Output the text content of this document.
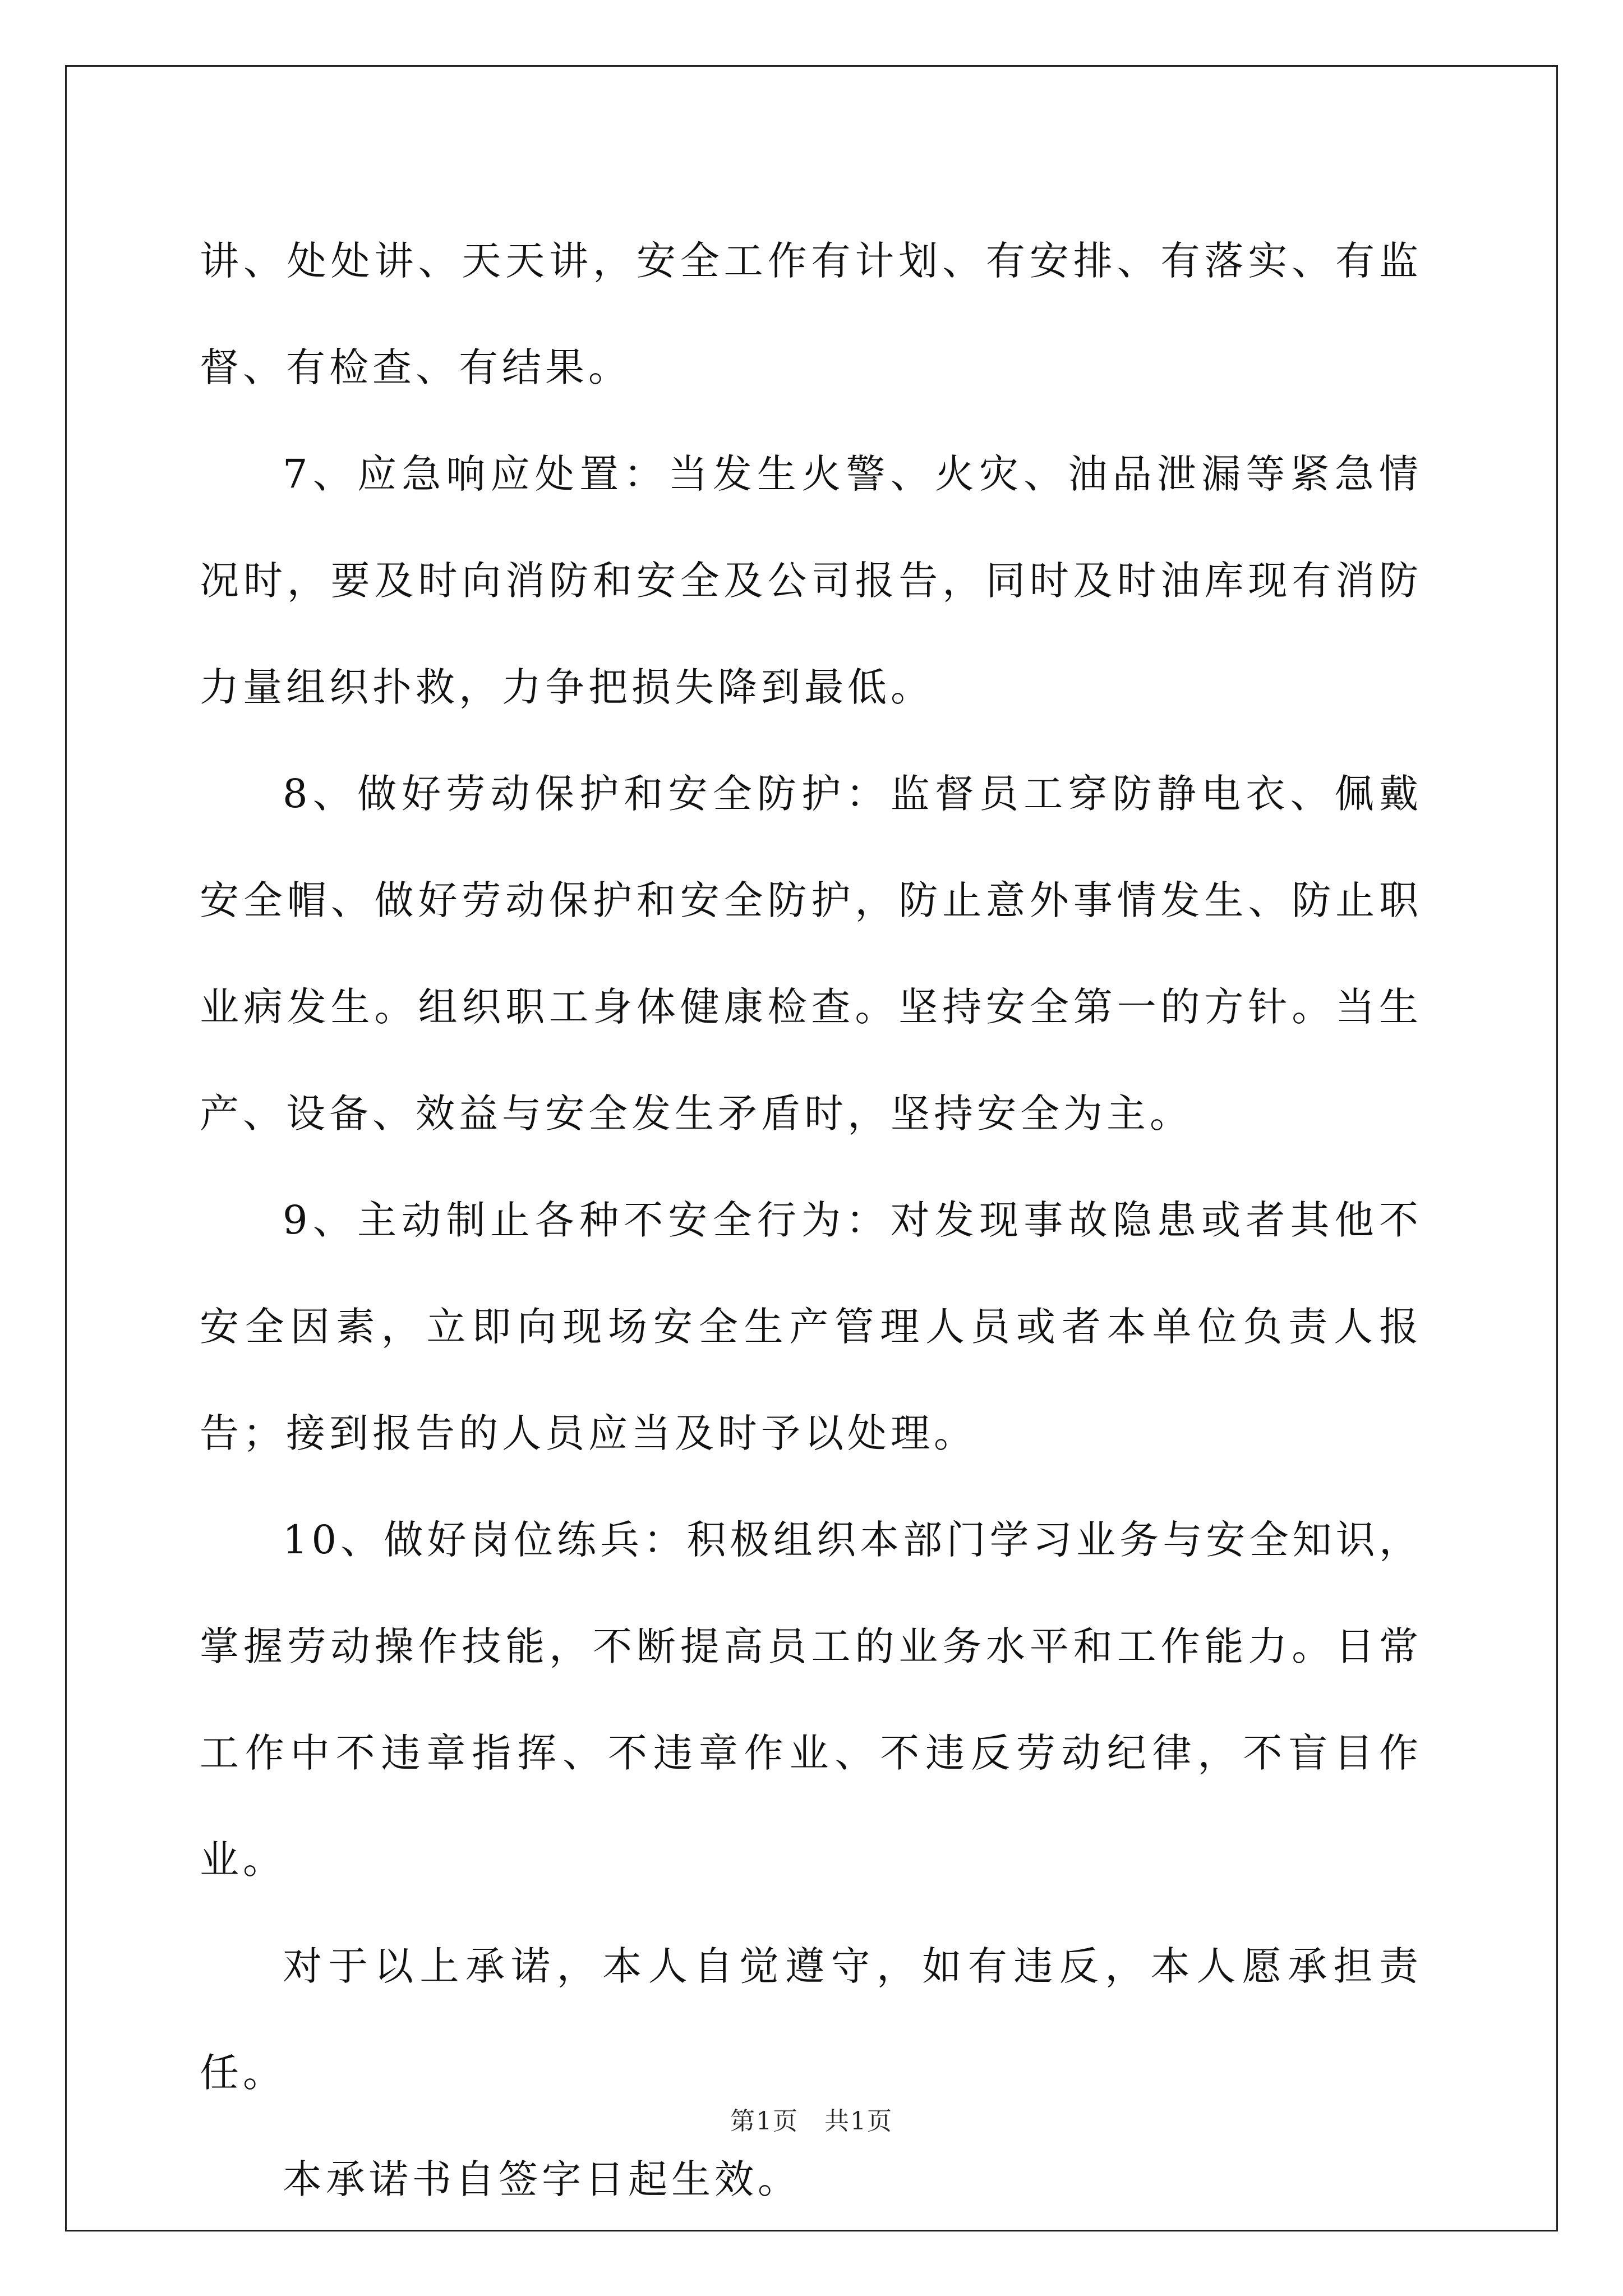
讲、处处讲、天天讲，安全工作有计划、有安排、有落实、有监督、有检查、有结果。

7、应急响应处置：当发生火警、火灾、油品泄漏等紧急情况时，要及时向消防和安全及公司报告，同时及时油库现有消防力量组织扑救，力争把损失降到最低。

8、做好劳动保护和安全防护：监督员工穿防静电衣、佩戴安全帽、做好劳动保护和安全防护，防止意外事情发生、防止职业病发生。组织职工身体健康检查。坚持安全第一的方针。当生产、设备、效益与安全发生矛盾时，坚持安全为主。

9、主动制止各种不安全行为：对发现事故隐患或者其他不安全因素，立即向现场安全生产管理人员或者本单位负责人报告；接到报告的人员应当及时予以处理。

10、做好岗位练兵：积极组织本部门学习业务与安全知识，掌握劳动操作技能，不断提高员工的业务水平和工作能力。日常工作中不违章指挥、不违章作业、不违反劳动纪律，不盲目作业。

对于以上承诺，本人自觉遵守，如有违反，本人愿承担责任。

本承诺书自签字日起生效。

第1页　共1页
